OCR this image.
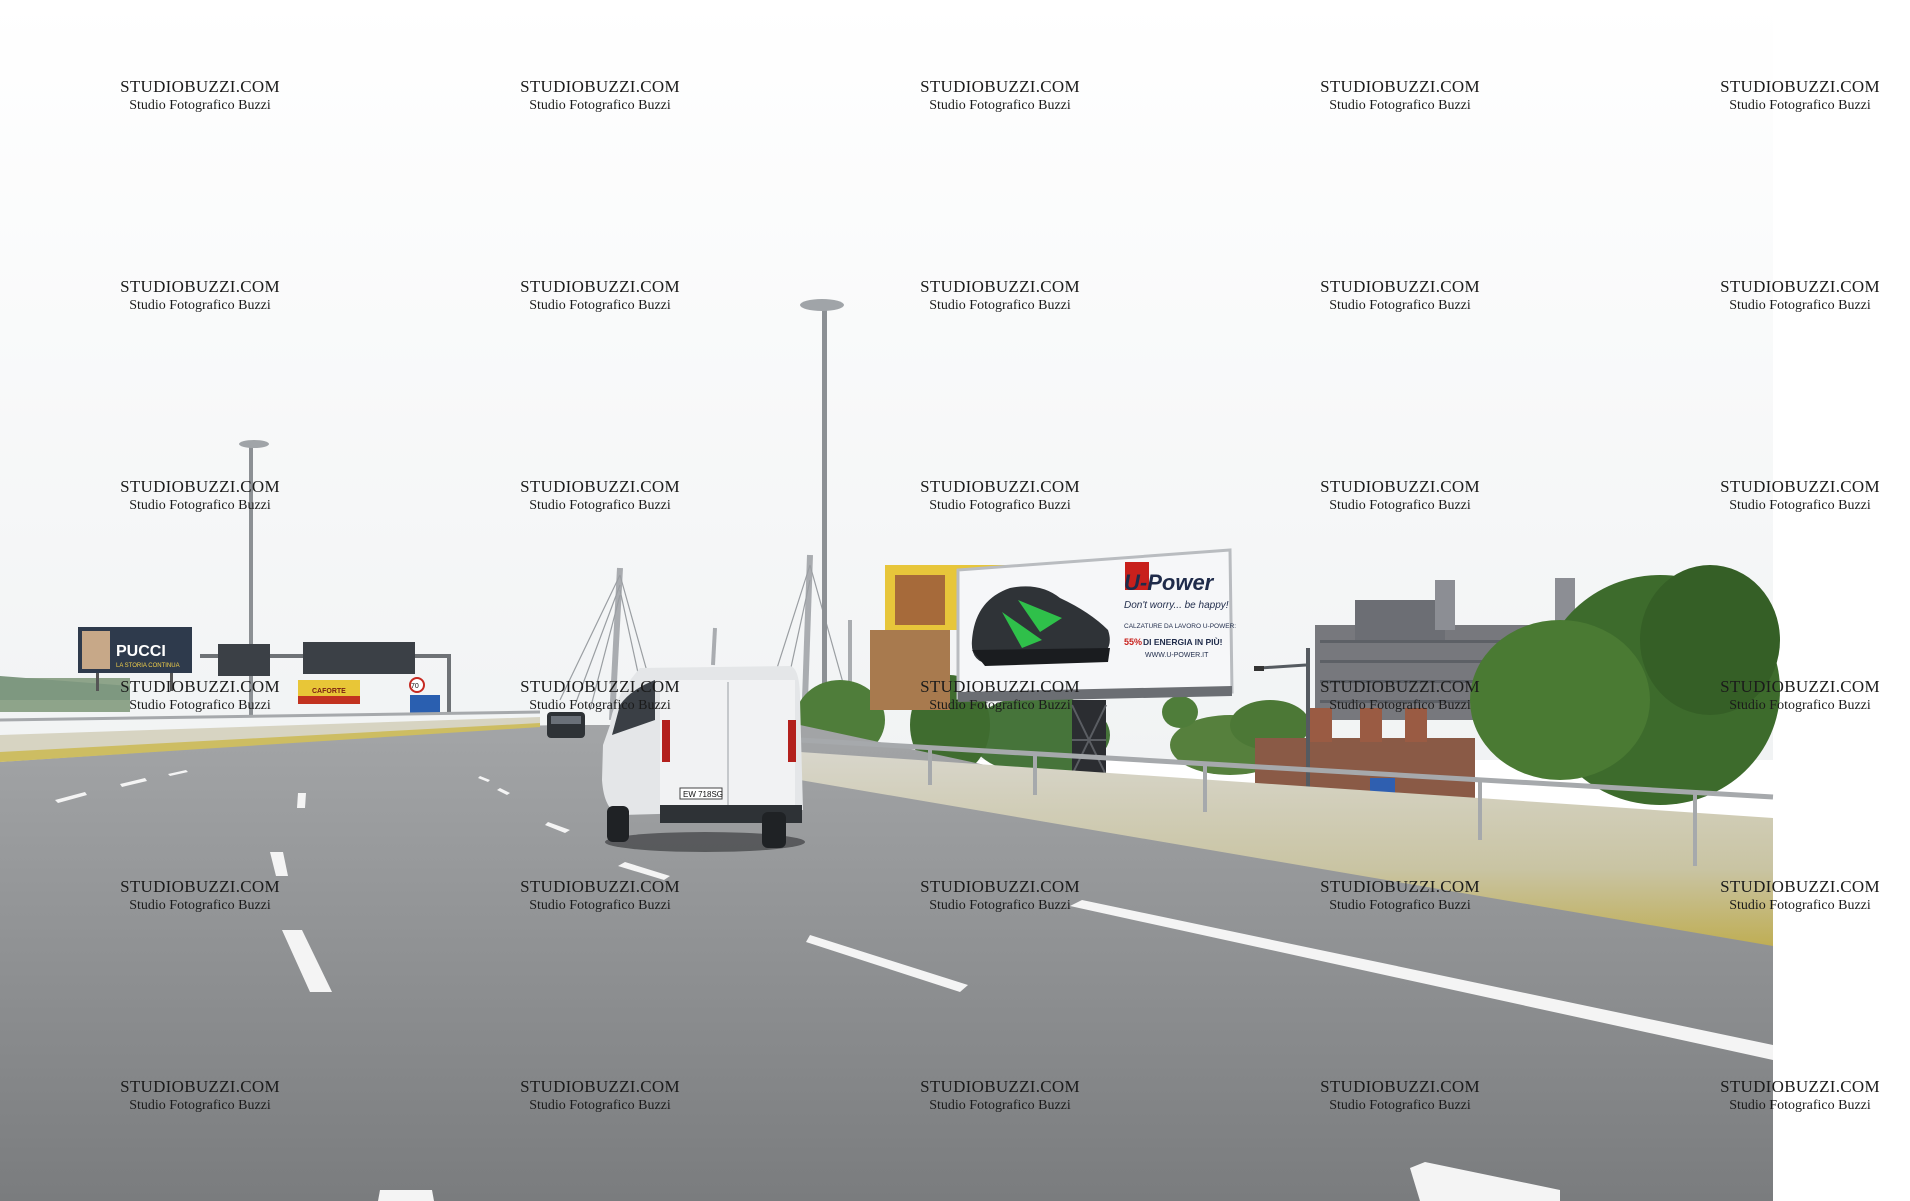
PUCCI
LA STORIA CONTINUA
CAFORTE
70
U-Power
Don't worry... be happy!
CALZATURE DA LAVORO U-POWER:
55% DI ENERGIA IN PIÙ!
WWW.U-POWER.IT
EW 718SG
STUDIOBUZZI.COM
Studio Fotografico Buzzi
STUDIOBUZZI.COM
Studio Fotografico Buzzi
STUDIOBUZZI.COM
Studio Fotografico Buzzi
STUDIOBUZZI.COM
Studio Fotografico Buzzi
STUDIOBUZZI.COM
Studio Fotografico Buzzi
STUDIOBUZZI.COM
Studio Fotografico Buzzi
STUDIOBUZZI.COM
Studio Fotografico Buzzi
STUDIOBUZZI.COM
Studio Fotografico Buzzi
STUDIOBUZZI.COM
Studio Fotografico Buzzi
STUDIOBUZZI.COM
Studio Fotografico Buzzi
STUDIOBUZZI.COM
Studio Fotografico Buzzi
STUDIOBUZZI.COM
Studio Fotografico Buzzi
STUDIOBUZZI.COM
Studio Fotografico Buzzi
STUDIOBUZZI.COM
Studio Fotografico Buzzi
STUDIOBUZZI.COM
Studio Fotografico Buzzi
STUDIOBUZZI.COM
Studio Fotografico Buzzi
STUDIOBUZZI.COM
Studio Fotografico Buzzi
STUDIOBUZZI.COM
Studio Fotografico Buzzi
STUDIOBUZZI.COM
Studio Fotografico Buzzi
STUDIOBUZZI.COM
Studio Fotografico Buzzi
STUDIOBUZZI.COM
Studio Fotografico Buzzi
STUDIOBUZZI.COM
Studio Fotografico Buzzi
STUDIOBUZZI.COM
Studio Fotografico Buzzi
STUDIOBUZZI.COM
Studio Fotografico Buzzi
STUDIOBUZZI.COM
Studio Fotografico Buzzi
STUDIOBUZZI.COM
Studio Fotografico Buzzi
STUDIOBUZZI.COM
Studio Fotografico Buzzi
STUDIOBUZZI.COM
Studio Fotografico Buzzi
STUDIOBUZZI.COM
Studio Fotografico Buzzi
STUDIOBUZZI.COM
Studio Fotografico Buzzi
